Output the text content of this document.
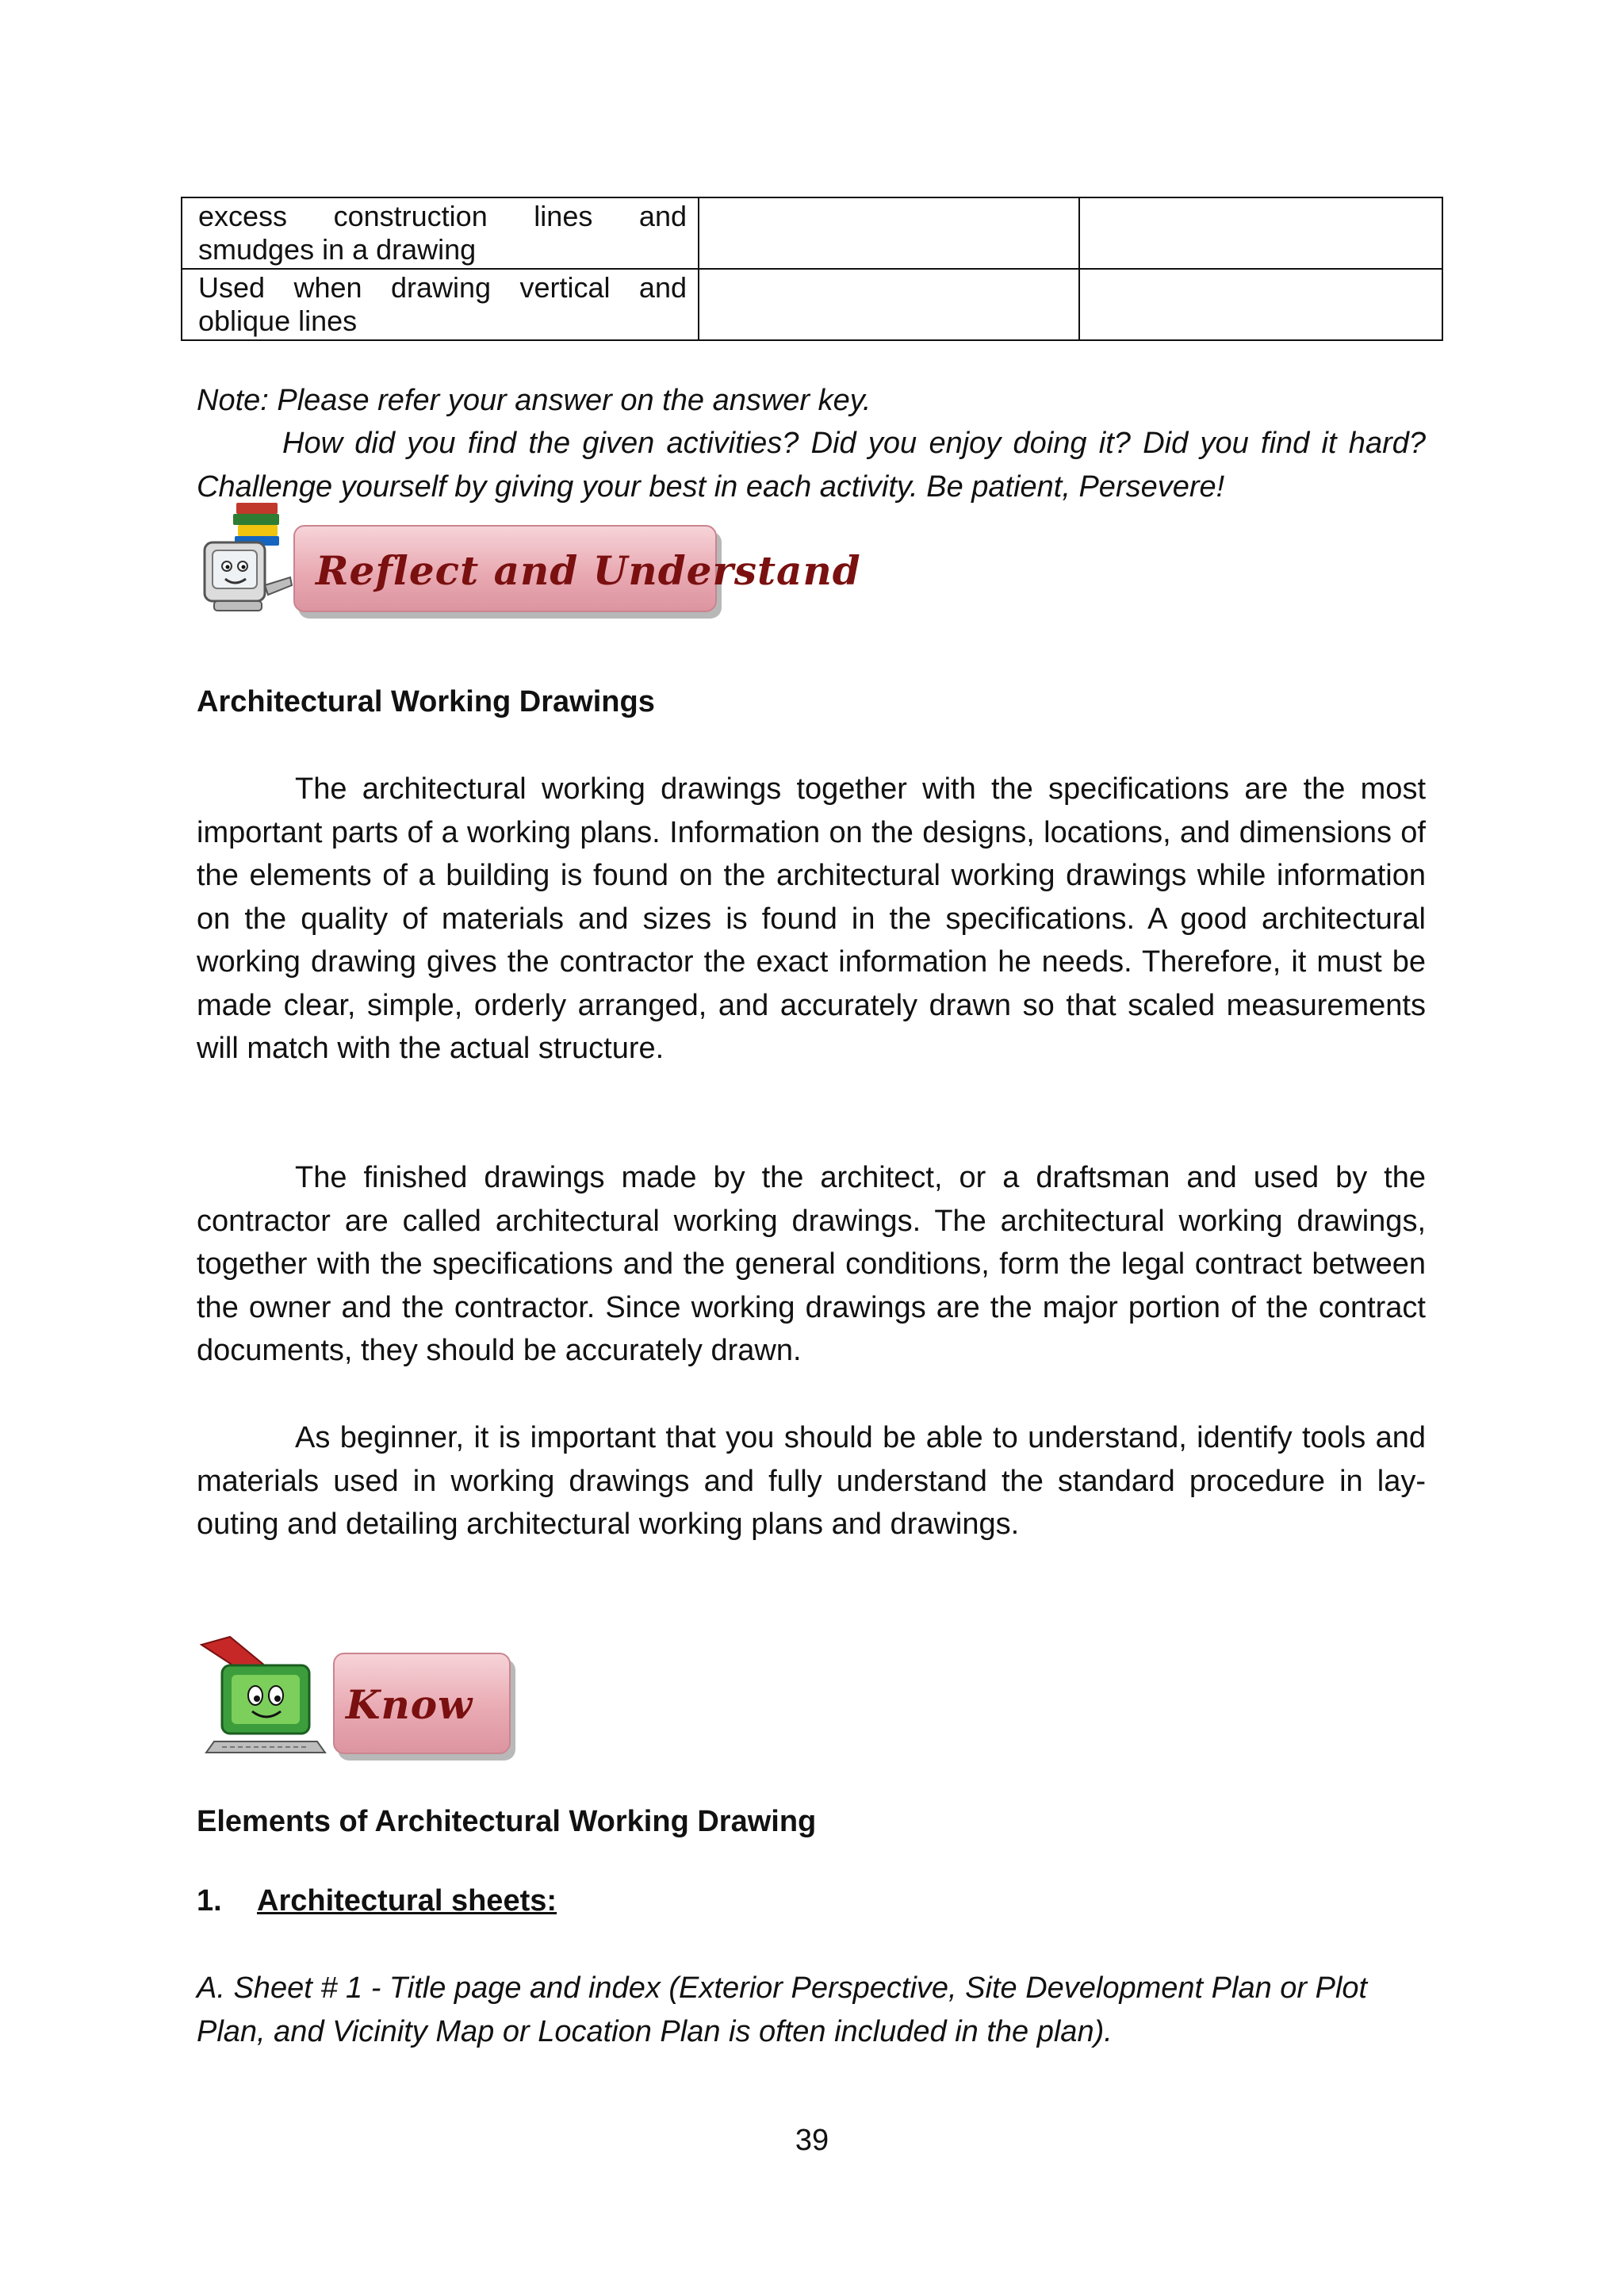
excess construction lines and smudges in a drawing		
Used when drawing vertical and oblique lines		
Note: Please refer your answer on the answer key.
How did you find the given activities? Did you enjoy doing it? Did you find it hard? Challenge yourself by giving your best in each activity. Be patient, Persevere!
Reflect and Understand
Architectural Working Drawings
The architectural working drawings together with the specifications are the most important parts of a working plans. Information on the designs, locations, and dimensions of the elements of a building is found on the architectural working drawings while information on the quality of materials and sizes is found in the specifications. A good architectural working drawing gives the contractor the exact information he needs. Therefore, it must be made clear, simple, orderly arranged, and accurately drawn so that scaled measurements will match with the actual structure.
The finished drawings made by the architect, or a draftsman and used by the contractor are called architectural working drawings. The architectural working drawings, together with the specifications and the general conditions, form the legal contract between the owner and the contractor. Since working drawings are the major portion of the contract documents, they should be accurately drawn.
As beginner, it is important that you should be able to understand, identify tools and materials used in working drawings and fully understand the standard procedure in lay-outing and detailing architectural working plans and drawings.
Know
Elements of Architectural Working Drawing
1. Architectural sheets:
A. Sheet # 1 - Title page and index (Exterior Perspective, Site Development Plan or Plot Plan, and Vicinity Map or Location Plan is often included in the plan).
39
